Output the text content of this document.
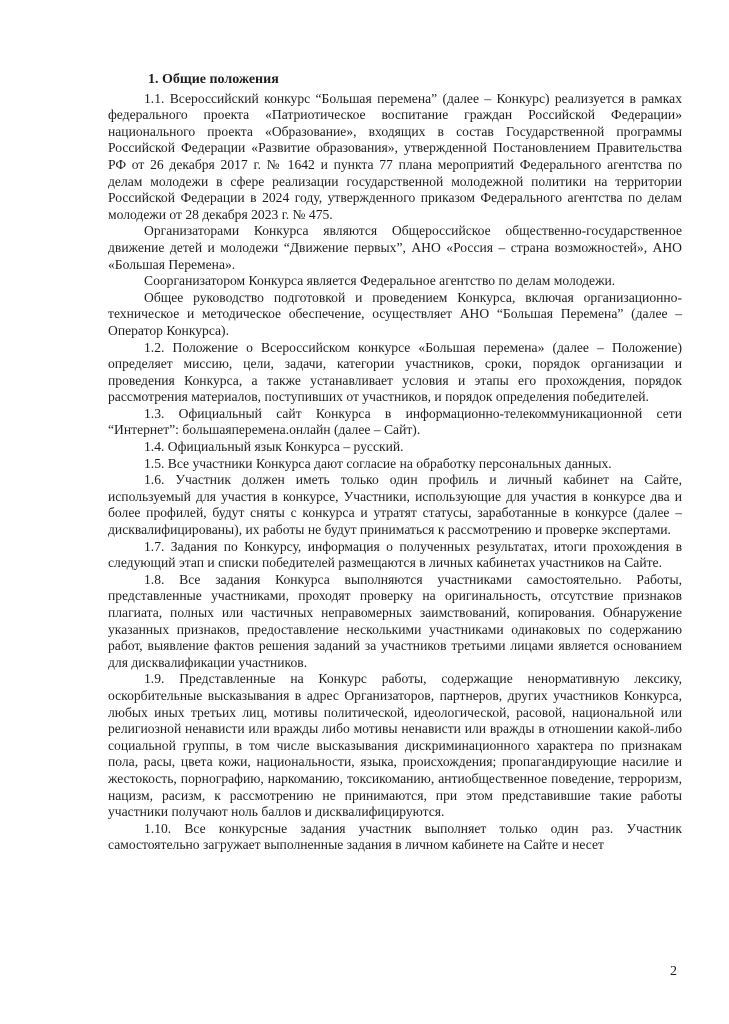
1. Общие положения

1.1. Всероссийский конкурс “Большая перемена” (далее – Конкурс) реализуется в рамках федерального проекта «Патриотическое воспитание граждан Российской Федерации» национального проекта «Образование», входящих в состав Государственной программы Российской Федерации «Развитие образования», утвержденной Постановлением Правительства РФ от 26 декабря 2017 г. № 1642 и пункта 77 плана мероприятий Федерального агентства по делам молодежи в сфере реализации государственной молодежной политики на территории Российской Федерации в 2024 году, утвержденного приказом Федерального агентства по делам молодежи от 28 декабря 2023 г. № 475.

Организаторами Конкурса являются Общероссийское общественно-государственное движение детей и молодежи “Движение первых”, АНО «Россия – страна возможностей», АНО «Большая Перемена».

Соорганизатором Конкурса является Федеральное агентство по делам молодежи.

Общее руководство подготовкой и проведением Конкурса, включая организационно-техническое и методическое обеспечение, осуществляет АНО “Большая Перемена” (далее – Оператор Конкурса).

1.2. Положение о Всероссийском конкурсе «Большая перемена» (далее – Положение) определяет миссию, цели, задачи, категории участников, сроки, порядок организации и проведения Конкурса, а также устанавливает условия и этапы его прохождения, порядок рассмотрения материалов, поступивших от участников, и порядок определения победителей.

1.3. Официальный сайт Конкурса в информационно-телекоммуникационной сети “Интернет”: большаяперемена.онлайн (далее – Сайт).

1.4. Официальный язык Конкурса – русский.

1.5. Все участники Конкурса дают согласие на обработку персональных данных.

1.6. Участник должен иметь только один профиль и личный кабинет на Сайте, используемый для участия в конкурсе, Участники, использующие для участия в конкурсе два и более профилей, будут сняты с конкурса и утратят статусы, заработанные в конкурсе (далее – дисквалифицированы), их работы не будут приниматься к рассмотрению и проверке экспертами.

1.7. Задания по Конкурсу, информация о полученных результатах, итоги прохождения в следующий этап и списки победителей размещаются в личных кабинетах участников на Сайте.

1.8. Все задания Конкурса выполняются участниками самостоятельно. Работы, представленные участниками, проходят проверку на оригинальность, отсутствие признаков плагиата, полных или частичных неправомерных заимствований, копирования. Обнаружение указанных признаков, предоставление несколькими участниками одинаковых по содержанию работ, выявление фактов решения заданий за участников третьими лицами является основанием для дисквалификации участников.

1.9. Представленные на Конкурс работы, содержащие ненормативную лексику, оскорбительные высказывания в адрес Организаторов, партнеров, других участников Конкурса, любых иных третьих лиц, мотивы политической, идеологической, расовой, национальной или религиозной ненависти или вражды либо мотивы ненависти или вражды в отношении какой-либо социальной группы, в том числе высказывания дискриминационного характера по признакам пола, расы, цвета кожи, национальности, языка, происхождения; пропагандирующие насилие и жестокость, порнографию, наркоманию, токсикоманию, антиобщественное поведение, терроризм, нацизм, расизм, к рассмотрению не принимаются, при этом представившие такие работы участники получают ноль баллов и дисквалифицируются.

1.10. Все конкурсные задания участник выполняет только один раз. Участник самостоятельно загружает выполненные задания в личном кабинете на Сайте и несет

2
